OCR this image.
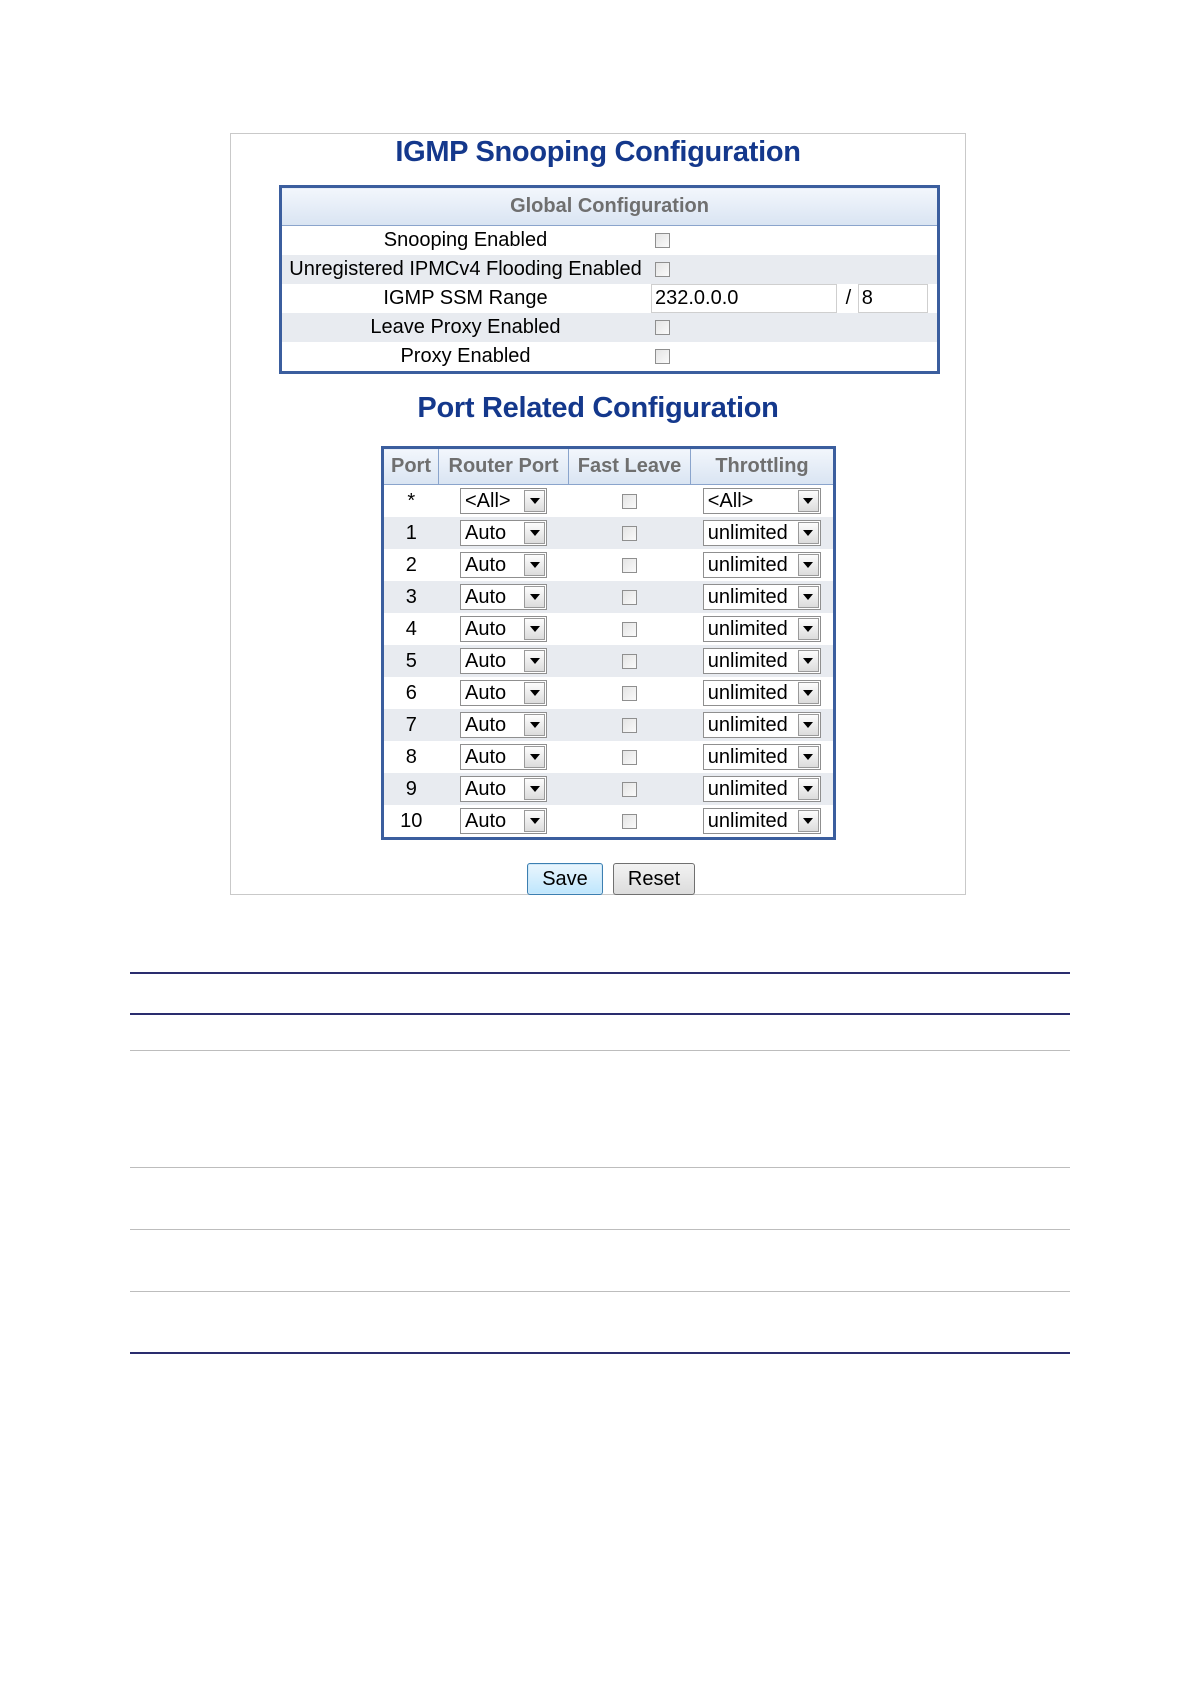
IGMP Snooping Configuration
Global Configuration	
Snooping Enabled	
Unregistered IPMCv4 Flooding Enabled	
IGMP SSM Range	232.0.0.0 / 8
Leave Proxy Enabled	
Proxy Enabled	
Port Related Configuration
Port	Router Port	Fast Leave	Throttling
*	<All>		<All>

1	Auto		unlimited

2	Auto		unlimited

3	Auto		unlimited

4	Auto		unlimited

5	Auto		unlimited

6	Auto		unlimited

7	Auto		unlimited

8	Auto		unlimited

9	Auto		unlimited

10	Auto		unlimited
Save	Reset
